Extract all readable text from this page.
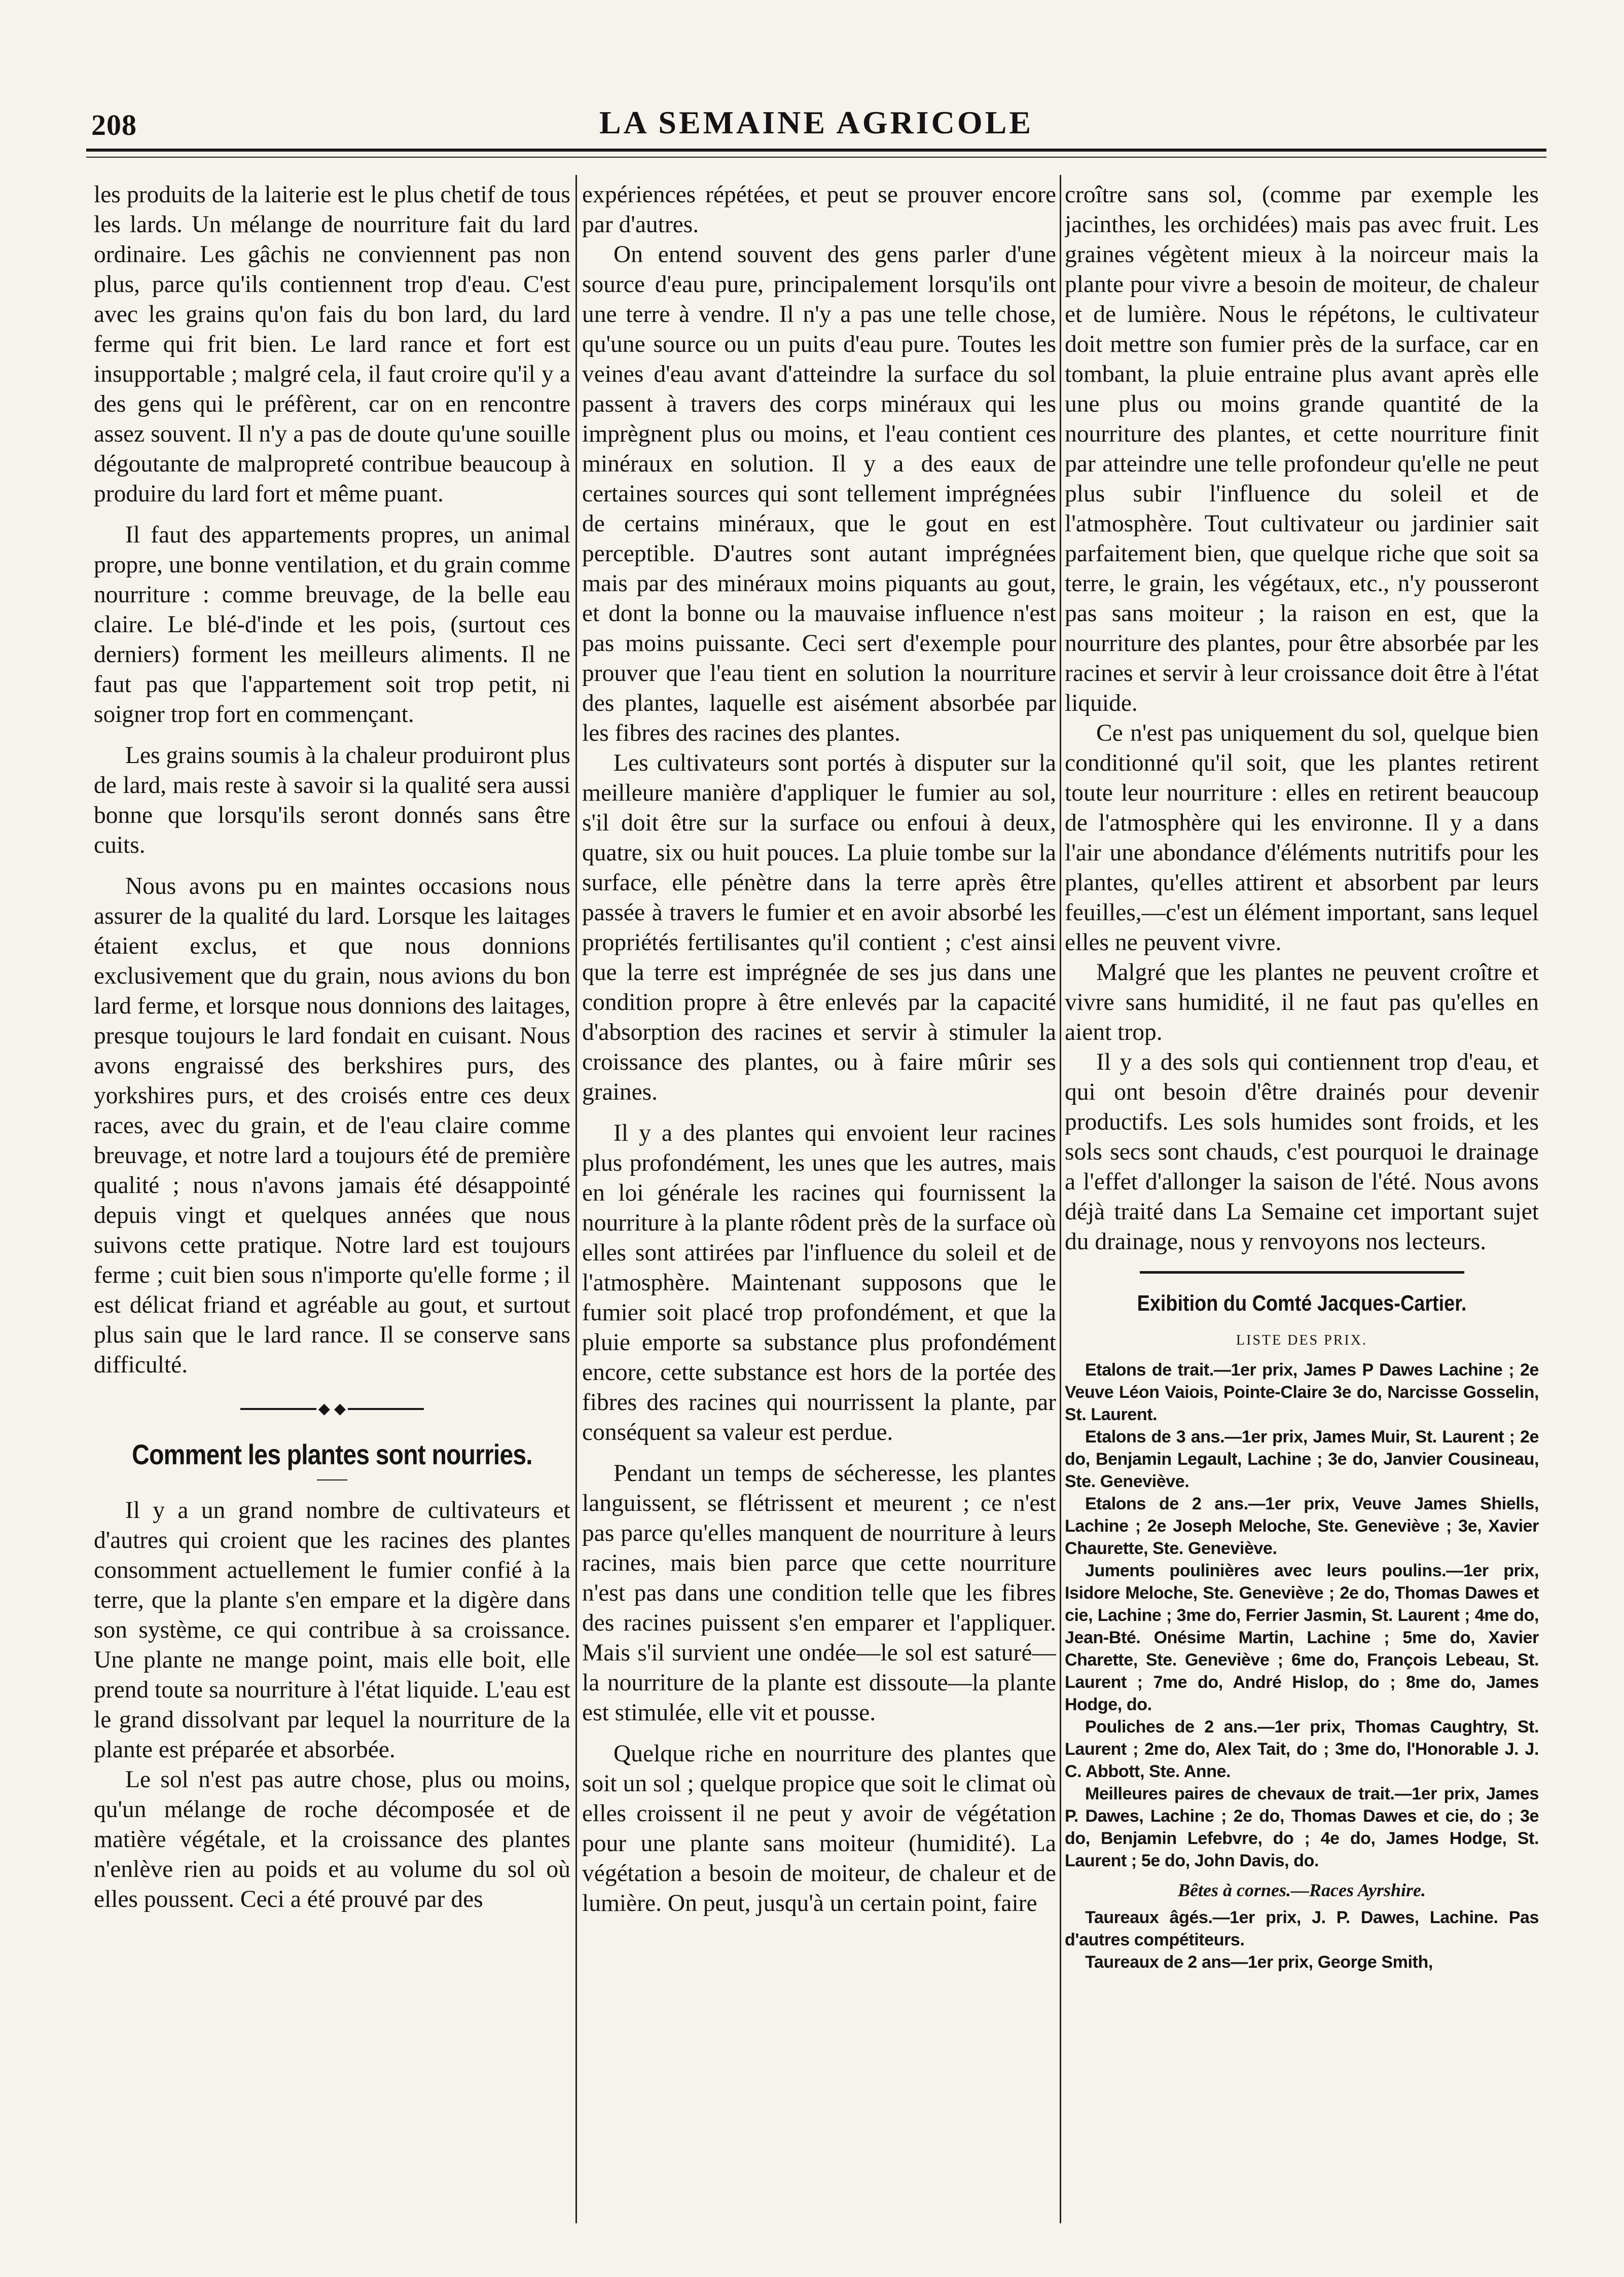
208	LA SEMAINE AGRICOLE

les produits de la laiterie est le plus chetif de tous les lards. Un mélange de nourriture fait du lard ordinaire. Les gâchis ne conviennent pas non plus, parce qu'ils contiennent trop d'eau. C'est avec les grains qu'on fais du bon lard, du lard ferme qui frit bien. Le lard rance et fort est insupportable ; malgré cela, il faut croire qu'il y a des gens qui le préfèrent, car on en rencontre assez souvent. Il n'y a pas de doute qu'une souille dégoutante de malpropreté contribue beaucoup à produire du lard fort et même puant.

Il faut des appartements propres, un animal propre, une bonne ventilation, et du grain comme nourriture : comme breuvage, de la belle eau claire. Le blé-d'inde et les pois, (surtout ces derniers) forment les meilleurs aliments. Il ne faut pas que l'appartement soit trop petit, ni soigner trop fort en commençant.

Les grains soumis à la chaleur produiront plus de lard, mais reste à savoir si la qualité sera aussi bonne que lorsqu'ils seront donnés sans être cuits.

Nous avons pu en maintes occasions nous assurer de la qualité du lard. Lorsque les laitages étaient exclus, et que nous donnions exclusivement que du grain, nous avions du bon lard ferme, et lorsque nous donnions des laitages, presque toujours le lard fondait en cuisant. Nous avons engraissé des berkshires purs, des yorkshires purs, et des croisés entre ces deux races, avec du grain, et de l'eau claire comme breuvage, et notre lard a toujours été de première qualité ; nous n'avons jamais été désappointé depuis vingt et quelques années que nous suivons cette pratique. Notre lard est toujours ferme ; cuit bien sous n'importe qu'elle forme ; il est délicat friand et agréable au gout, et surtout plus sain que le lard rance. Il se conserve sans difficulté.

◆ ◆
Comment les plantes sont nourries.

Il y a un grand nombre de cultivateurs et d'autres qui croient que les racines des plantes consomment actuellement le fumier confié à la terre, que la plante s'en empare et la digère dans son système, ce qui contribue à sa croissance. Une plante ne mange point, mais elle boit, elle prend toute sa nourriture à l'état liquide. L'eau est le grand dissolvant par lequel la nourriture de la plante est préparée et absorbée.

Le sol n'est pas autre chose, plus ou moins, qu'un mélange de roche décomposée et de matière végétale, et la croissance des plantes n'enlève rien au poids et au volume du sol où elles poussent. Ceci a été prouvé par des

expériences répétées, et peut se prouver encore par d'autres.

On entend souvent des gens parler d'une source d'eau pure, principalement lorsqu'ils ont une terre à vendre. Il n'y a pas une telle chose, qu'une source ou un puits d'eau pure. Toutes les veines d'eau avant d'atteindre la surface du sol passent à travers des corps minéraux qui les imprègnent plus ou moins, et l'eau contient ces minéraux en solution. Il y a des eaux de certaines sources qui sont tellement imprégnées de certains minéraux, que le gout en est perceptible. D'autres sont autant imprégnées mais par des minéraux moins piquants au gout, et dont la bonne ou la mauvaise influence n'est pas moins puissante. Ceci sert d'exemple pour prouver que l'eau tient en solution la nourriture des plantes, laquelle est aisément absorbée par les fibres des racines des plantes.

Les cultivateurs sont portés à disputer sur la meilleure manière d'appliquer le fumier au sol, s'il doit être sur la surface ou enfoui à deux, quatre, six ou huit pouces. La pluie tombe sur la surface, elle pénètre dans la terre après être passée à travers le fumier et en avoir absorbé les propriétés fertilisantes qu'il contient ; c'est ainsi que la terre est imprégnée de ses jus dans une condition propre à être enlevés par la capacité d'absorption des racines et servir à stimuler la croissance des plantes, ou à faire mûrir ses graines.

Il y a des plantes qui envoient leur racines plus profondément, les unes que les autres, mais en loi générale les racines qui fournissent la nourriture à la plante rôdent près de la surface où elles sont attirées par l'influence du soleil et de l'atmosphère. Maintenant supposons que le fumier soit placé trop profondément, et que la pluie emporte sa substance plus profondément encore, cette substance est hors de la portée des fibres des racines qui nourrissent la plante, par conséquent sa valeur est perdue.

Pendant un temps de sécheresse, les plantes languissent, se flétrissent et meurent ; ce n'est pas parce qu'elles manquent de nourriture à leurs racines, mais bien parce que cette nourriture n'est pas dans une condition telle que les fibres des racines puissent s'en emparer et l'appliquer. Mais s'il survient une ondée—le sol est saturé—la nourriture de la plante est dissoute—la plante est stimulée, elle vit et pousse.

Quelque riche en nourriture des plantes que soit un sol ; quelque propice que soit le climat où elles croissent il ne peut y avoir de végétation pour une plante sans moiteur (humidité). La végétation a besoin de moiteur, de chaleur et de lumière. On peut, jusqu'à un certain point, faire

croître sans sol, (comme par exemple les jacinthes, les orchidées) mais pas avec fruit. Les graines végètent mieux à la noirceur mais la plante pour vivre a besoin de moiteur, de chaleur et de lumière. Nous le répétons, le cultivateur doit mettre son fumier près de la surface, car en tombant, la pluie entraine plus avant après elle une plus ou moins grande quantité de la nourriture des plantes, et cette nourriture finit par atteindre une telle profondeur qu'elle ne peut plus subir l'influence du soleil et de l'atmosphère. Tout cultivateur ou jardinier sait parfaitement bien, que quelque riche que soit sa terre, le grain, les végétaux, etc., n'y pousseront pas sans moiteur ; la raison en est, que la nourriture des plantes, pour être absorbée par les racines et servir à leur croissance doit être à l'état liquide.

Ce n'est pas uniquement du sol, quelque bien conditionné qu'il soit, que les plantes retirent toute leur nourriture : elles en retirent beaucoup de l'atmosphère qui les environne. Il y a dans l'air une abondance d'éléments nutritifs pour les plantes, qu'elles attirent et absorbent par leurs feuilles,—c'est un élément important, sans lequel elles ne peuvent vivre.

Malgré que les plantes ne peuvent croître et vivre sans humidité, il ne faut pas qu'elles en aient trop.

Il y a des sols qui contiennent trop d'eau, et qui ont besoin d'être drainés pour devenir productifs. Les sols humides sont froids, et les sols secs sont chauds, c'est pourquoi le drainage a l'effet d'allonger la saison de l'été. Nous avons déjà traité dans La Semaine cet important sujet du drainage, nous y renvoyons nos lecteurs.

Exibition du Comté Jacques-Cartier.
LISTE DES PRIX.

Etalons de trait.—1er prix, James P Dawes Lachine ; 2e Veuve Léon Vaiois, Pointe-Claire 3e do, Narcisse Gosselin, St. Laurent.

Etalons de 3 ans.—1er prix, James Muir, St. Laurent ; 2e do, Benjamin Legault, Lachine ; 3e do, Janvier Cousineau, Ste. Geneviève.

Etalons de 2 ans.—1er prix, Veuve James Shiells, Lachine ; 2e Joseph Meloche, Ste. Geneviève ; 3e, Xavier Chaurette, Ste. Geneviève.

Juments poulinières avec leurs poulins.—1er prix, Isidore Meloche, Ste. Geneviève ; 2e do, Thomas Dawes et cie, Lachine ; 3me do, Ferrier Jasmin, St. Laurent ; 4me do, Jean-Bté. Onésime Martin, Lachine ; 5me do, Xavier Charette, Ste. Geneviève ; 6me do, François Lebeau, St. Laurent ; 7me do, André Hislop, do ; 8me do, James Hodge, do.

Pouliches de 2 ans.—1er prix, Thomas Caughtry, St. Laurent ; 2me do, Alex Tait, do ; 3me do, l'Honorable J. J. C. Abbott, Ste. Anne.

Meilleures paires de chevaux de trait.—1er prix, James P. Dawes, Lachine ; 2e do, Thomas Dawes et cie, do ; 3e do, Benjamin Lefebvre, do ; 4e do, James Hodge, St. Laurent ; 5e do, John Davis, do.

Bêtes à cornes.—Races Ayrshire.

Taureaux âgés.—1er prix, J. P. Dawes, Lachine. Pas d'autres compétiteurs.

Taureaux de 2 ans—1er prix, George Smith,
